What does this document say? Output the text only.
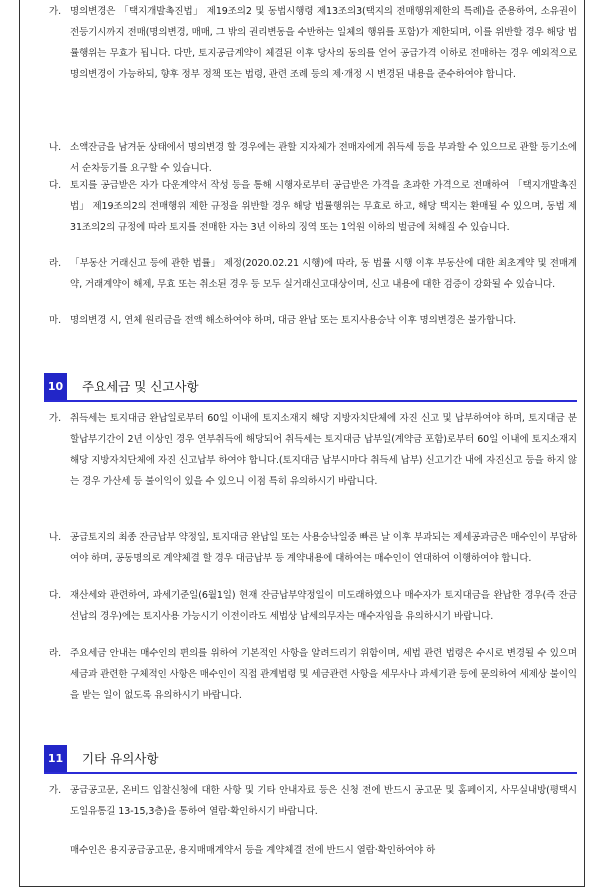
가. 명의변경은 「택지개발촉진법」 제19조의2 및 동법시행령 제13조의3(택지의 전매행위제한의 특례)을 준용하여, 소유권이전등기시까지 전매(명의변경, 매매, 그 밖의 권리변동을 수반하는 일체의 행위를 포함)가 제한되며, 이를 위반할 경우 해당 법률행위는 무효가 됩니다. 다만, 토지공급계약이 체결된 이후 당사의 동의를 얻어 공급가격 이하로 전매하는 경우 예외적으로 명의변경이 가능하되, 향후 정부 정책 또는 법령, 관련 조례 등의 제·개정 시 변경된 내용을 준수하여야 합니다.
나. 소액잔금을 남겨둔 상태에서 명의변경 할 경우에는 관할 지자체가 전매자에게 취득세 등을 부과할 수 있으므로 관할 등기소에서 순차등기를 요구할 수 있습니다.
다. 토지를 공급받은 자가 다운계약서 작성 등을 통해 시행자로부터 공급받은 가격을 초과한 가격으로 전매하여 「택지개발촉진법」 제19조의2의 전매행위 제한 규정을 위반할 경우 해당 법률행위는 무효로 하고, 해당 택지는 환매될 수 있으며, 동법 제31조의2의 규정에 따라 토지를 전매한 자는 3년 이하의 징역 또는 1억원 이하의 벌금에 처해질 수 있습니다.
라. 「부동산 거래신고 등에 관한 법률」 제정(2020.02.21 시행)에 따라, 동 법률 시행 이후 부동산에 대한 최초계약 및 전매계약, 거래계약이 해제, 무효 또는 취소된 경우 등 모두 실거래신고대상이며, 신고 내용에 대한 검증이 강화될 수 있습니다.
마. 명의변경 시, 연체 원리금을 전액 해소하여야 하며, 대금 완납 또는 토지사용승낙 이후 명의변경은 불가합니다.
10	주요세금 및 신고사항
가. 취득세는 토지대금 완납일로부터 60일 이내에 토지소재지 해당 지방자치단체에 자진 신고 및 납부하여야 하며, 토지대금 분할납부기간이 2년 이상인 경우 연부취득에 해당되어 취득세는 토지대금 납부일(계약금 포함)로부터 60일 이내에 토지소재지 해당 지방자치단체에 자진 신고납부 하여야 합니다.(토지대금 납부시마다 취득세 납부) 신고기간 내에 자진신고 등을 하지 않는 경우 가산세 등 불이익이 있을 수 있으니 이점 특히 유의하시기 바랍니다.
나. 공급토지의 최종 잔금납부 약정일, 토지대금 완납일 또는 사용승낙일중 빠른 날 이후 부과되는 제세공과금은 매수인이 부담하여야 하며, 공동명의로 계약체결 할 경우 대금납부 등 계약내용에 대하여는 매수인이 연대하여 이행하여야 합니다.
다. 재산세와 관련하여, 과세기준일(6월1일) 현재 잔금납부약정일이 미도래하였으나 매수자가 토지대금을 완납한 경우(즉 잔금선납의 경우)에는 토지사용 가능시기 이전이라도 세법상 납세의무자는 매수자임을 유의하시기 바랍니다.
라. 주요세금 안내는 매수인의 편의를 위하여 기본적인 사항을 알려드리기 위함이며, 세법 관련 법령은 수시로 변경될 수 있으며 세금과 관련한 구체적인 사항은 매수인이 직접 관계법령 및 세금관련 사항을 세무사나 과세기관 등에 문의하여 세제상 불이익을 받는 일이 없도록 유의하시기 바랍니다.
11	기타 유의사항
가. 공급공고문, 온비드 입찰신청에 대한 사항 및 기타 안내자료 등은 신청 전에 반드시 공고문 및 홈페이지, 사무실내방(평택시 도일유통길 13-15,3층)을 통하여 열람·확인하시기 바랍니다.
매수인은 용지공급공고문, 용지매매계약서 등을 계약체결 전에 반드시 열람·확인하여야 하
